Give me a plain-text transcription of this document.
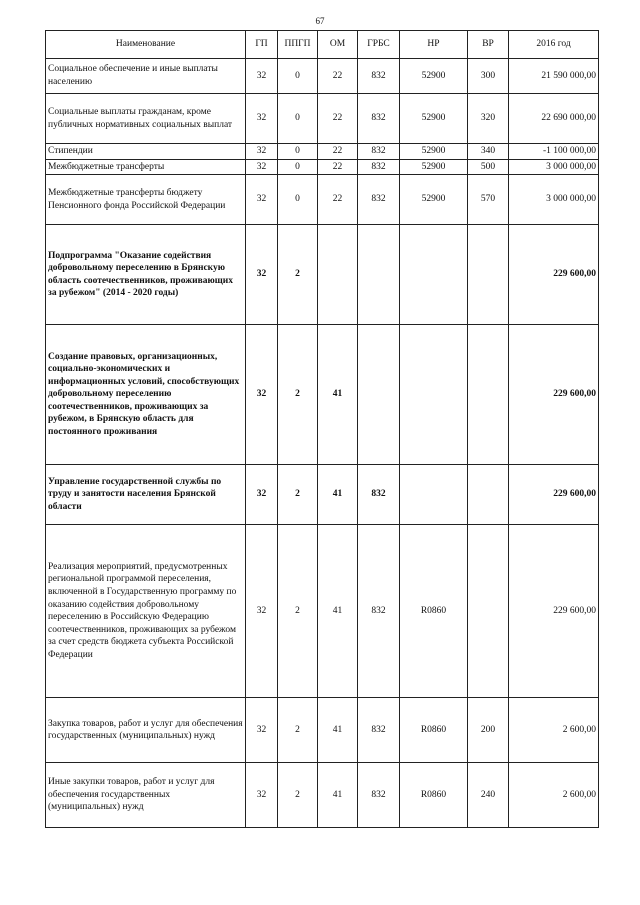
67
Наименование	ГП	ППГП	ОМ	ГРБС	НР	ВР	2016 год
Социальное обеспечение и иные выплаты населению	32	0	22	832	52900	300	21 590 000,00
Социальные выплаты гражданам, кроме публичных нормативных социальных выплат	32	0	22	832	52900	320	22 690 000,00
Стипендии	32	0	22	832	52900	340	-1 100 000,00
Межбюджетные трансферты	32	0	22	832	52900	500	3 000 000,00
Межбюджетные трансферты бюджету Пенсионного фонда Российской Федерации	32	0	22	832	52900	570	3 000 000,00
Подпрограмма "Оказание содействия добровольному переселению в Брянскую область соотечественников, проживающих за рубежом" (2014 - 2020 годы)	32	2					229 600,00
Создание правовых, организационных, социально-экономических и информационных условий, способствующих добровольному переселению соотечественников, проживающих за рубежом, в Брянскую область для постоянного проживания	32	2	41				229 600,00
Управление государственной службы по труду и занятости населения Брянской области	32	2	41	832			229 600,00
Реализация мероприятий, предусмотренных региональной программой переселения, включенной в Государственную программу по оказанию содействия добровольному переселению в Российскую Федерацию соотечественников, проживающих за рубежом за счет средств бюджета субъекта Российской Федерации	32	2	41	832	R0860		229 600,00
Закупка товаров, работ и услуг для обеспечения государственных (муниципальных) нужд	32	2	41	832	R0860	200	2 600,00
Иные закупки товаров, работ и услуг для обеспечения государственных (муниципальных) нужд	32	2	41	832	R0860	240	2 600,00
